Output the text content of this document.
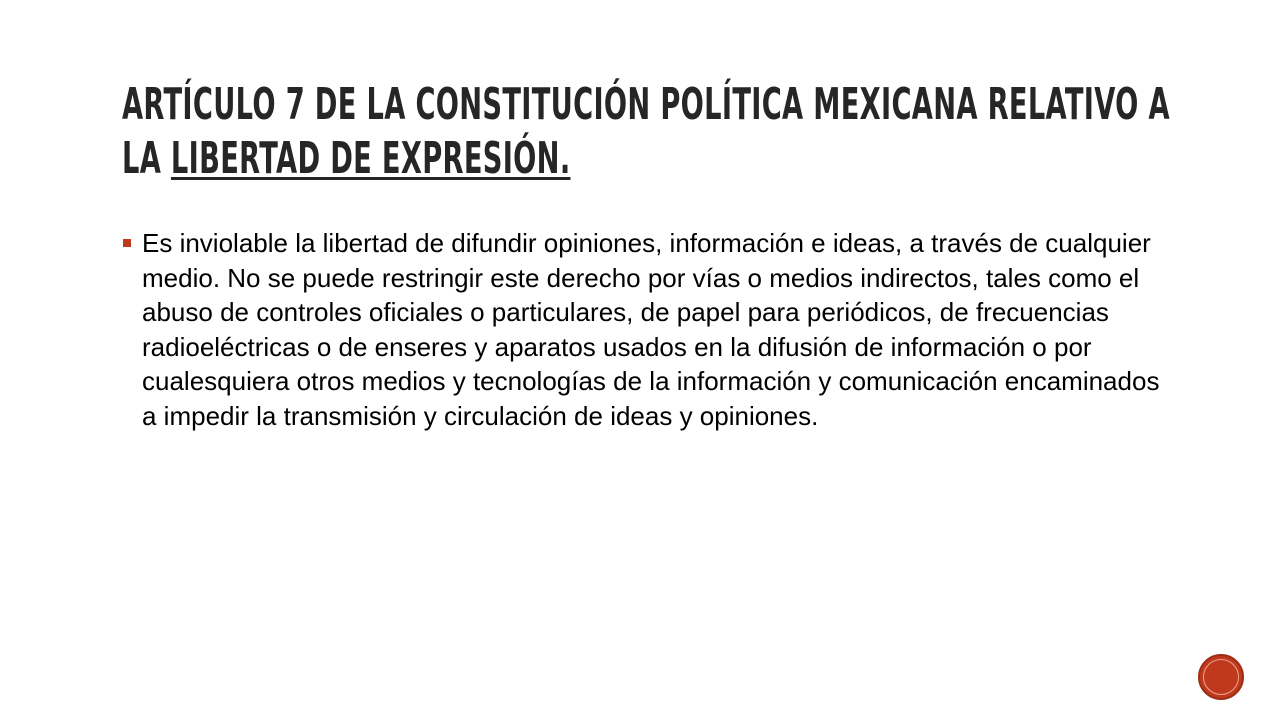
ARTÍCULO 7 DE LA CONSTITUCIÓN POLÍTICA MEXICANA RELATIVO A LA LIBERTAD DE EXPRESIÓN.
Es inviolable la libertad de difundir opiniones, información e ideas, a través de cualquier medio. No se puede restringir este derecho por vías o medios indirectos, tales como el abuso de controles oficiales o particulares, de papel para periódicos, de frecuencias radioeléctricas o de enseres y aparatos usados en la difusión de información o por cualesquiera otros medios y tecnologías de la información y comunicación encaminados a impedir la transmisión y circulación de ideas y opiniones.
